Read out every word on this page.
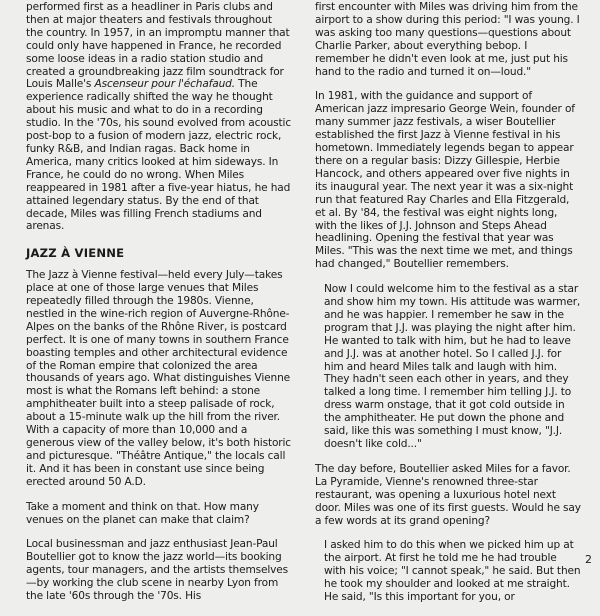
performed first as a headliner in Paris clubs and then at major theaters and festivals throughout the country. In 1957, in an impromptu manner that could only have happened in France, he recorded some loose ideas in a radio station studio and created a groundbreaking jazz film soundtrack for Louis Malle's Ascenseur pour l'échafaud. The experience radically shifted the way he thought about his music and what to do in a recording studio. In the '70s, his sound evolved from acoustic post-bop to a fusion of modern jazz, electric rock, funky R&B, and Indian ragas. Back home in America, many critics looked at him sideways. In France, he could do no wrong. When Miles reappeared in 1981 after a five-year hiatus, he had attained legendary status. By the end of that decade, Miles was filling French stadiums and arenas.

JAZZ À VIENNE

The Jazz à Vienne festival—held every July—takes place at one of those large venues that Miles repeatedly filled through the 1980s. Vienne, nestled in the wine-rich region of Auvergne-Rhône-Alpes on the banks of the Rhône River, is postcard perfect. It is one of many towns in southern France boasting temples and other architectural evidence of the Roman empire that colonized the area thousands of years ago. What distinguishes Vienne most is what the Romans left behind: a stone amphitheater built into a steep palisade of rock, about a 15-minute walk up the hill from the river. With a capacity of more than 10,000 and a generous view of the valley below, it's both historic and picturesque. "Théâtre Antique," the locals call it. And it has been in constant use since being erected around 50 A.D.

Take a moment and think on that. How many venues on the planet can make that claim?

Local businessman and jazz enthusiast Jean-Paul Boutellier got to know the jazz world—its booking agents, tour managers, and the artists themselves—by working the club scene in nearby Lyon from the late '60s through the '70s. His

first encounter with Miles was driving him from the airport to a show during this period: "I was young. I was asking too many questions—questions about Charlie Parker, about everything bebop. I remember he didn't even look at me, just put his hand to the radio and turned it on—loud."

In 1981, with the guidance and support of American jazz impresario George Wein, founder of many summer jazz festivals, a wiser Boutellier established the first Jazz à Vienne festival in his hometown. Immediately legends began to appear there on a regular basis: Dizzy Gillespie, Herbie Hancock, and others appeared over five nights in its inaugural year. The next year it was a six-night run that featured Ray Charles and Ella Fitzgerald, et al. By '84, the festival was eight nights long, with the likes of J.J. Johnson and Steps Ahead headlining. Opening the festival that year was Miles. "This was the next time we met, and things had changed," Boutellier remembers.

Now I could welcome him to the festival as a star and show him my town. His attitude was warmer, and he was happier. I remember he saw in the program that J.J. was playing the night after him. He wanted to talk with him, but he had to leave and J.J. was at another hotel. So I called J.J. for him and heard Miles talk and laugh with him. They hadn't seen each other in years, and they talked a long time. I remember him telling J.J. to dress warm onstage, that it got cold outside in the amphitheater. He put down the phone and said, like this was something I must know, "J.J. doesn't like cold..."

The day before, Boutellier asked Miles for a favor. La Pyramide, Vienne's renowned three-star restaurant, was opening a luxurious hotel next door. Miles was one of its first guests. Would he say a few words at its grand opening?

I asked him to do this when we picked him up at the airport. At first he told me he had trouble with his voice; "I cannot speak," he said. But then he took my shoulder and looked at me straight. He said, "Is this important for you, or

2
